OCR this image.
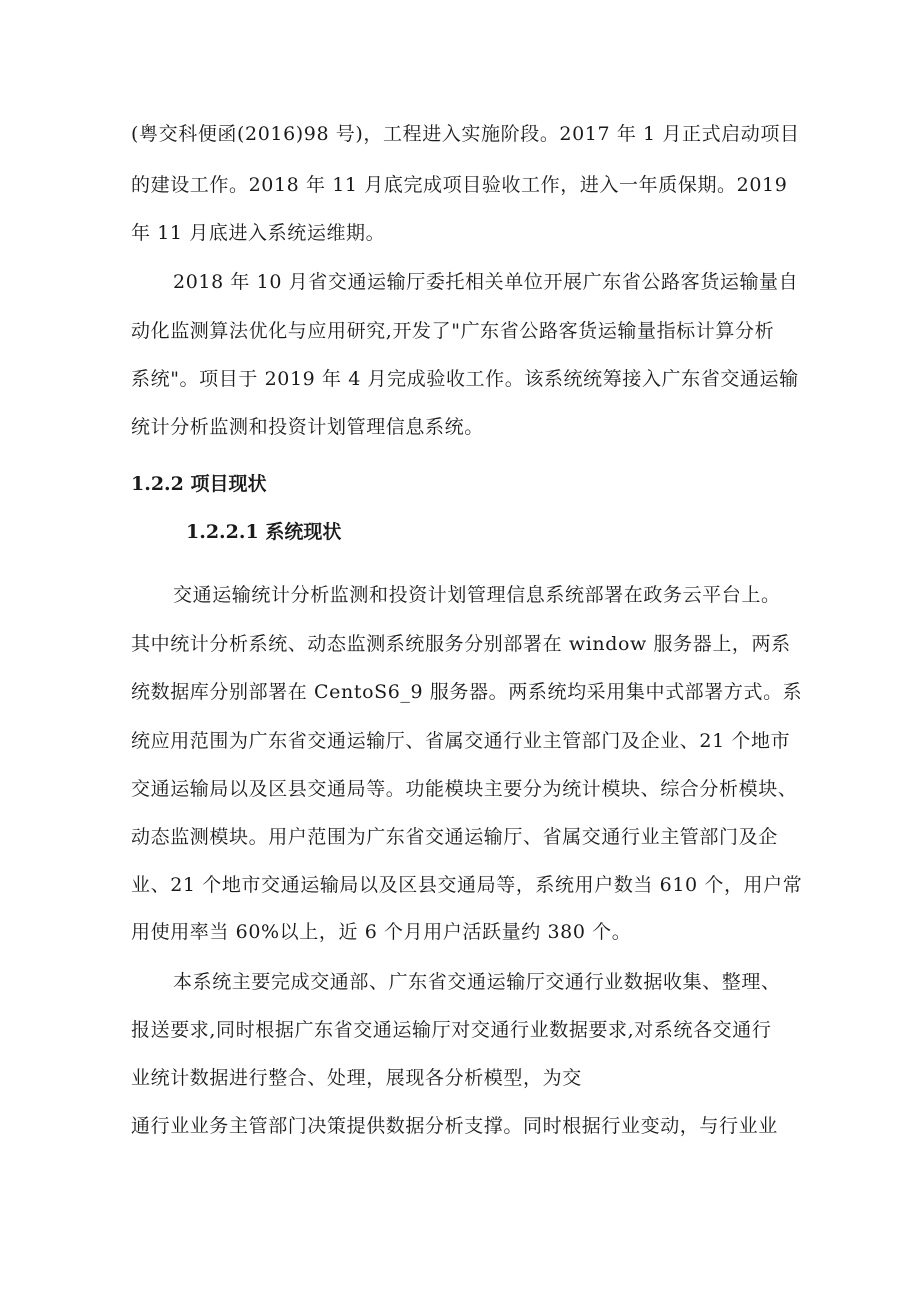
(粤交科便函(2016)98 号)，工程进入实施阶段。2017 年 1 月正式启动项目
的建设工作。2018 年 11 月底完成项目验收工作，进入一年质保期。2019
年 11 月底进入系统运维期。
2018 年 10 月省交通运输厅委托相关单位开展广东省公路客货运输量自
动化监测算法优化与应用研究,开发了"广东省公路客货运输量指标计算分析
系统"。项目于 2019 年 4 月完成验收工作。该系统统筹接入广东省交通运输
统计分析监测和投资计划管理信息系统。
1.2.2 项目现状
1.2.2.1 系统现状
交通运输统计分析监测和投资计划管理信息系统部署在政务云平台上。
其中统计分析系统、动态监测系统服务分别部署在 window 服务器上，两系
统数据库分别部署在 CentoS6_9 服务器。两系统均采用集中式部署方式。系
统应用范围为广东省交通运输厅、省属交通行业主管部门及企业、21 个地市
交通运输局以及区县交通局等。功能模块主要分为统计模块、综合分析模块、
动态监测模块。用户范围为广东省交通运输厅、省属交通行业主管部门及企
业、21 个地市交通运输局以及区县交通局等，系统用户数当 610 个，用户常
用使用率当 60%以上，近 6 个月用户活跃量约 380 个。
本系统主要完成交通部、广东省交通运输厅交通行业数据收集、整理、
报送要求,同时根据广东省交通运输厅对交通行业数据要求,对系统各交通行
业统计数据进行整合、处理，展现各分析模型，为交
通行业业务主管部门决策提供数据分析支撑。同时根据行业变动，与行业业
